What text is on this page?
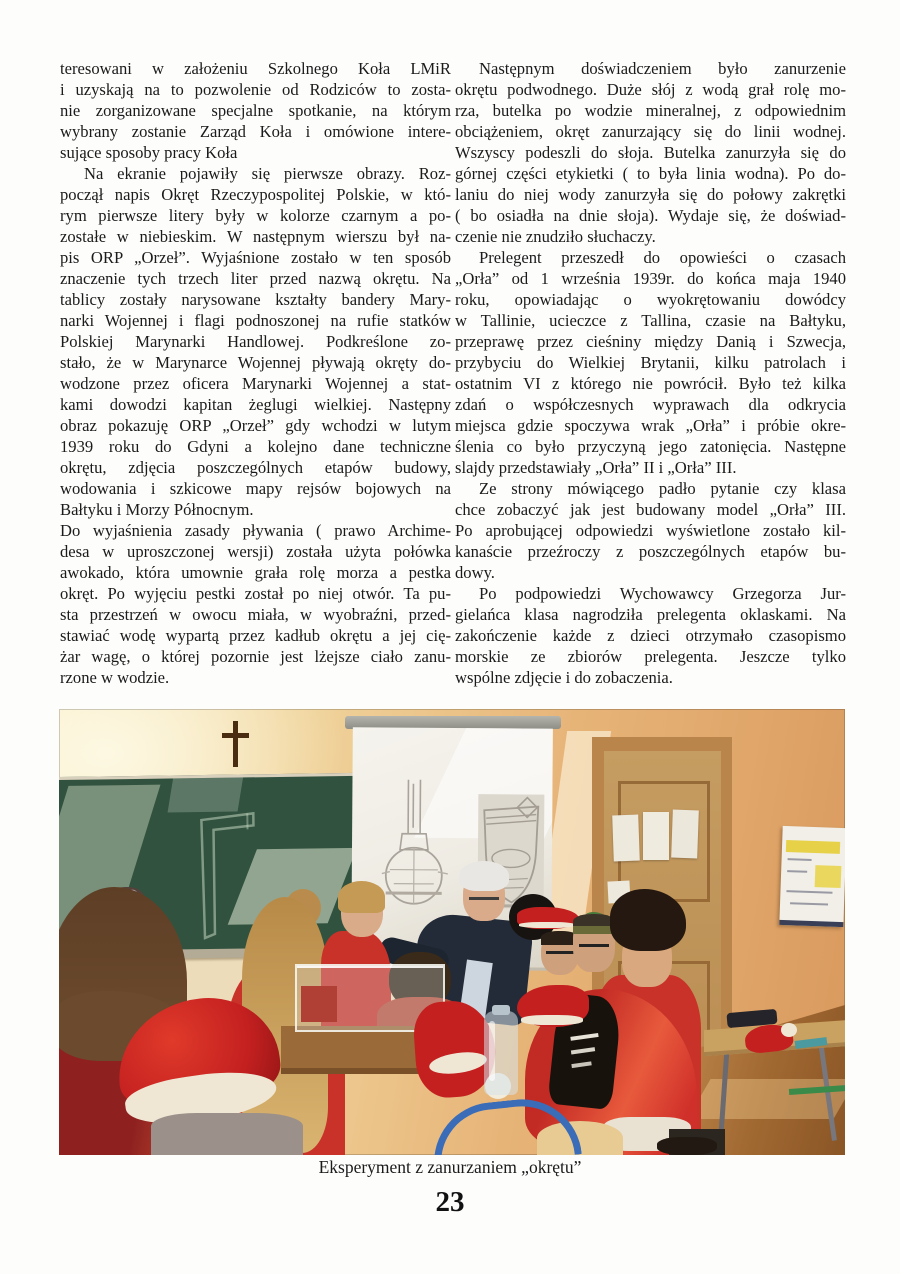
teresowani w założeniu Szkolnego Koła LMiR
i uzyskają na to pozwolenie od Rodziców to zosta-
nie zorganizowane specjalne spotkanie, na którym
wybrany zostanie Zarząd Koła i omówione intere-
sujące sposoby pracy Koła
Na ekranie pojawiły się pierwsze obrazy. Roz-
począł napis Okręt Rzeczypospolitej Polskie, w któ-
rym pierwsze litery były w kolorze czarnym a po-
zostałe w niebieskim. W następnym wierszu był na-
pis ORP „Orzeł”. Wyjaśnione zostało w ten sposób
znaczenie tych trzech liter przed nazwą okrętu. Na
tablicy zostały narysowane kształty bandery Mary-
narki Wojennej i flagi podnoszonej na rufie statków
Polskiej Marynarki Handlowej. Podkreślone zo-
stało, że w Marynarce Wojennej pływają okręty do-
wodzone przez oficera Marynarki Wojennej a stat-
kami dowodzi kapitan żeglugi wielkiej. Następny
obraz pokazuję ORP „Orzeł” gdy wchodzi w lutym
1939 roku do Gdyni a kolejno dane techniczne
okrętu, zdjęcia poszczególnych etapów budowy,
wodowania i szkicowe mapy rejsów bojowych na
Bałtyku i Morzy Północnym.
Do wyjaśnienia zasady pływania ( prawo Archime-
desa w uproszczonej wersji) została użyta połówka
awokado, która umownie grała rolę morza a pestka
okręt. Po wyjęciu pestki został po niej otwór. Ta pu-
sta przestrzeń w owocu miała, w wyobraźni, przed-
stawiać wodę wypartą przez kadłub okrętu a jej cię-
żar wagę, o której pozornie jest lżejsze ciało zanu-
rzone w wodzie.
Następnym doświadczeniem było zanurzenie
okrętu podwodnego. Duże słój z wodą grał rolę mo-
rza, butelka po wodzie mineralnej, z odpowiednim
obciążeniem, okręt zanurzający się do linii wodnej.
Wszyscy podeszli do słoja. Butelka zanurzyła się do
górnej części etykietki ( to była linia wodna). Po do-
laniu do niej wody zanurzyła się do połowy zakrętki
( bo osiadła na dnie słoja). Wydaje się, że doświad-
czenie nie znudziło słuchaczy.
Prelegent przeszedł do opowieści o czasach
„Orła” od 1 września 1939r. do końca maja 1940
roku, opowiadając o wyokrętowaniu dowódcy
w Tallinie, ucieczce z Tallina, czasie na Bałtyku,
przeprawę przez cieśniny między Danią i Szwecja,
przybyciu do Wielkiej Brytanii, kilku patrolach i
ostatnim VI z którego nie powrócił. Było też kilka
zdań o współczesnych wyprawach dla odkrycia
miejsca gdzie spoczywa wrak „Orła” i próbie okre-
ślenia co było przyczyną jego zatonięcia. Następne
slajdy przedstawiały „Orła” II i „Orła” III.
Ze strony mówiącego padło pytanie czy klasa
chce zobaczyć jak jest budowany model „Orła” III.
Po aprobującej odpowiedzi wyświetlone zostało kil-
kanaście przeźroczy z poszczególnych etapów bu-
dowy.
Po podpowiedzi Wychowawcy Grzegorza Jur-
gielańca klasa nagrodziła prelegenta oklaskami. Na
zakończenie każde z dzieci otrzymało czasopismo
morskie ze zbiorów prelegenta. Jeszcze tylko
wspólne zdjęcie i do zobaczenia.
Eksperyment z zanurzaniem „okrętu”
23
